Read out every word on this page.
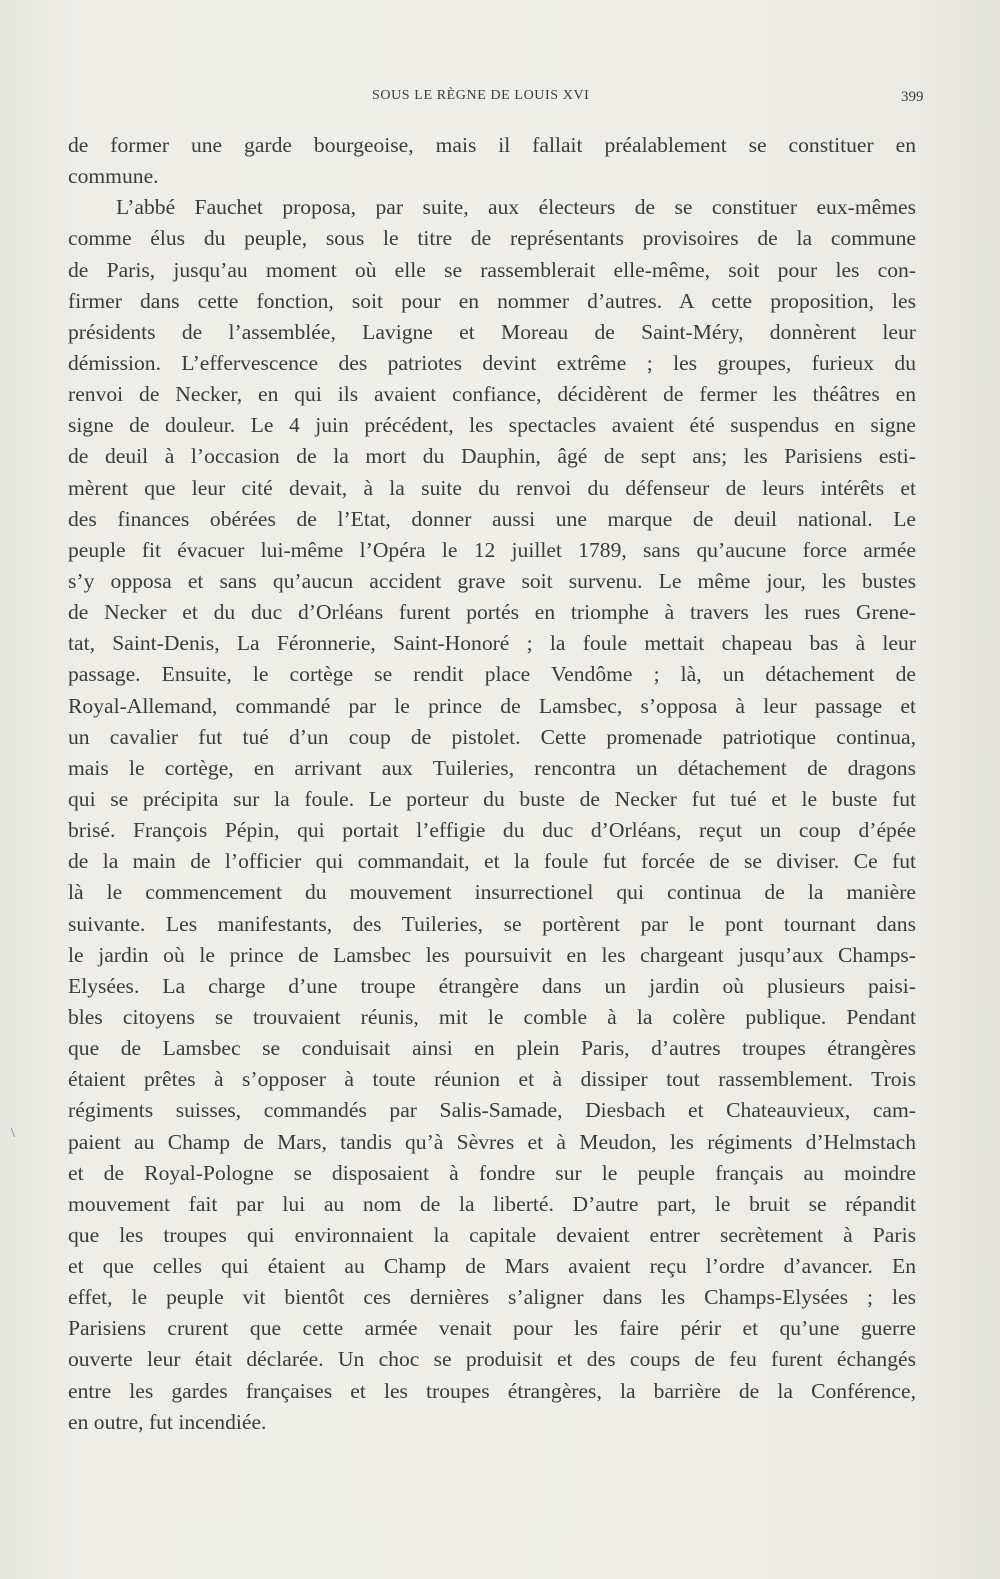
SOUS LE RÈGNE DE LOUIS XVI	399
\
de former une garde bourgeoise, mais il fallait préalablement se constituer en
commune.
L’abbé Fauchet proposa, par suite, aux électeurs de se constituer eux-mêmes
comme élus du peuple, sous le titre de représentants provisoires de la commune
de Paris, jusqu’au moment où elle se rassemblerait elle-même, soit pour les con-
firmer dans cette fonction, soit pour en nommer d’autres. A cette proposition, les
présidents de l’assemblée, Lavigne et Moreau de Saint-Méry, donnèrent leur
démission. L’effervescence des patriotes devint extrême ; les groupes, furieux du
renvoi de Necker, en qui ils avaient confiance, décidèrent de fermer les théâtres en
signe de douleur. Le 4 juin précédent, les spectacles avaient été suspendus en signe
de deuil à l’occasion de la mort du Dauphin, âgé de sept ans; les Parisiens esti-
mèrent que leur cité devait, à la suite du renvoi du défenseur de leurs intérêts et
des finances obérées de l’Etat, donner aussi une marque de deuil national. Le
peuple fit évacuer lui-même l’Opéra le 12 juillet 1789, sans qu’aucune force armée
s’y opposa et sans qu’aucun accident grave soit survenu. Le même jour, les bustes
de Necker et du duc d’Orléans furent portés en triomphe à travers les rues Grene-
tat, Saint-Denis, La Féronnerie, Saint-Honoré ; la foule mettait chapeau bas à leur
passage. Ensuite, le cortège se rendit place Vendôme ; là, un détachement de
Royal-Allemand, commandé par le prince de Lamsbec, s’opposa à leur passage et
un cavalier fut tué d’un coup de pistolet. Cette promenade patriotique continua,
mais le cortège, en arrivant aux Tuileries, rencontra un détachement de dragons
qui se précipita sur la foule. Le porteur du buste de Necker fut tué et le buste fut
brisé. François Pépin, qui portait l’effigie du duc d’Orléans, reçut un coup d’épée
de la main de l’officier qui commandait, et la foule fut forcée de se diviser. Ce fut
là le commencement du mouvement insurrectionel qui continua de la manière
suivante. Les manifestants, des Tuileries, se portèrent par le pont tournant dans
le jardin où le prince de Lamsbec les poursuivit en les chargeant jusqu’aux Champs-
Elysées. La charge d’une troupe étrangère dans un jardin où plusieurs paisi-
bles citoyens se trouvaient réunis, mit le comble à la colère publique. Pendant
que de Lamsbec se conduisait ainsi en plein Paris, d’autres troupes étrangères
étaient prêtes à s’opposer à toute réunion et à dissiper tout rassemblement. Trois
régiments suisses, commandés par Salis-Samade, Diesbach et Chateauvieux, cam-
paient au Champ de Mars, tandis qu’à Sèvres et à Meudon, les régiments d’Helmstach
et de Royal-Pologne se disposaient à fondre sur le peuple français au moindre
mouvement fait par lui au nom de la liberté. D’autre part, le bruit se répandit
que les troupes qui environnaient la capitale devaient entrer secrètement à Paris
et que celles qui étaient au Champ de Mars avaient reçu l’ordre d’avancer. En
effet, le peuple vit bientôt ces dernières s’aligner dans les Champs-Elysées ; les
Parisiens crurent que cette armée venait pour les faire périr et qu’une guerre
ouverte leur était déclarée. Un choc se produisit et des coups de feu furent échangés
entre les gardes françaises et les troupes étrangères, la barrière de la Conférence,
en outre, fut incendiée.
